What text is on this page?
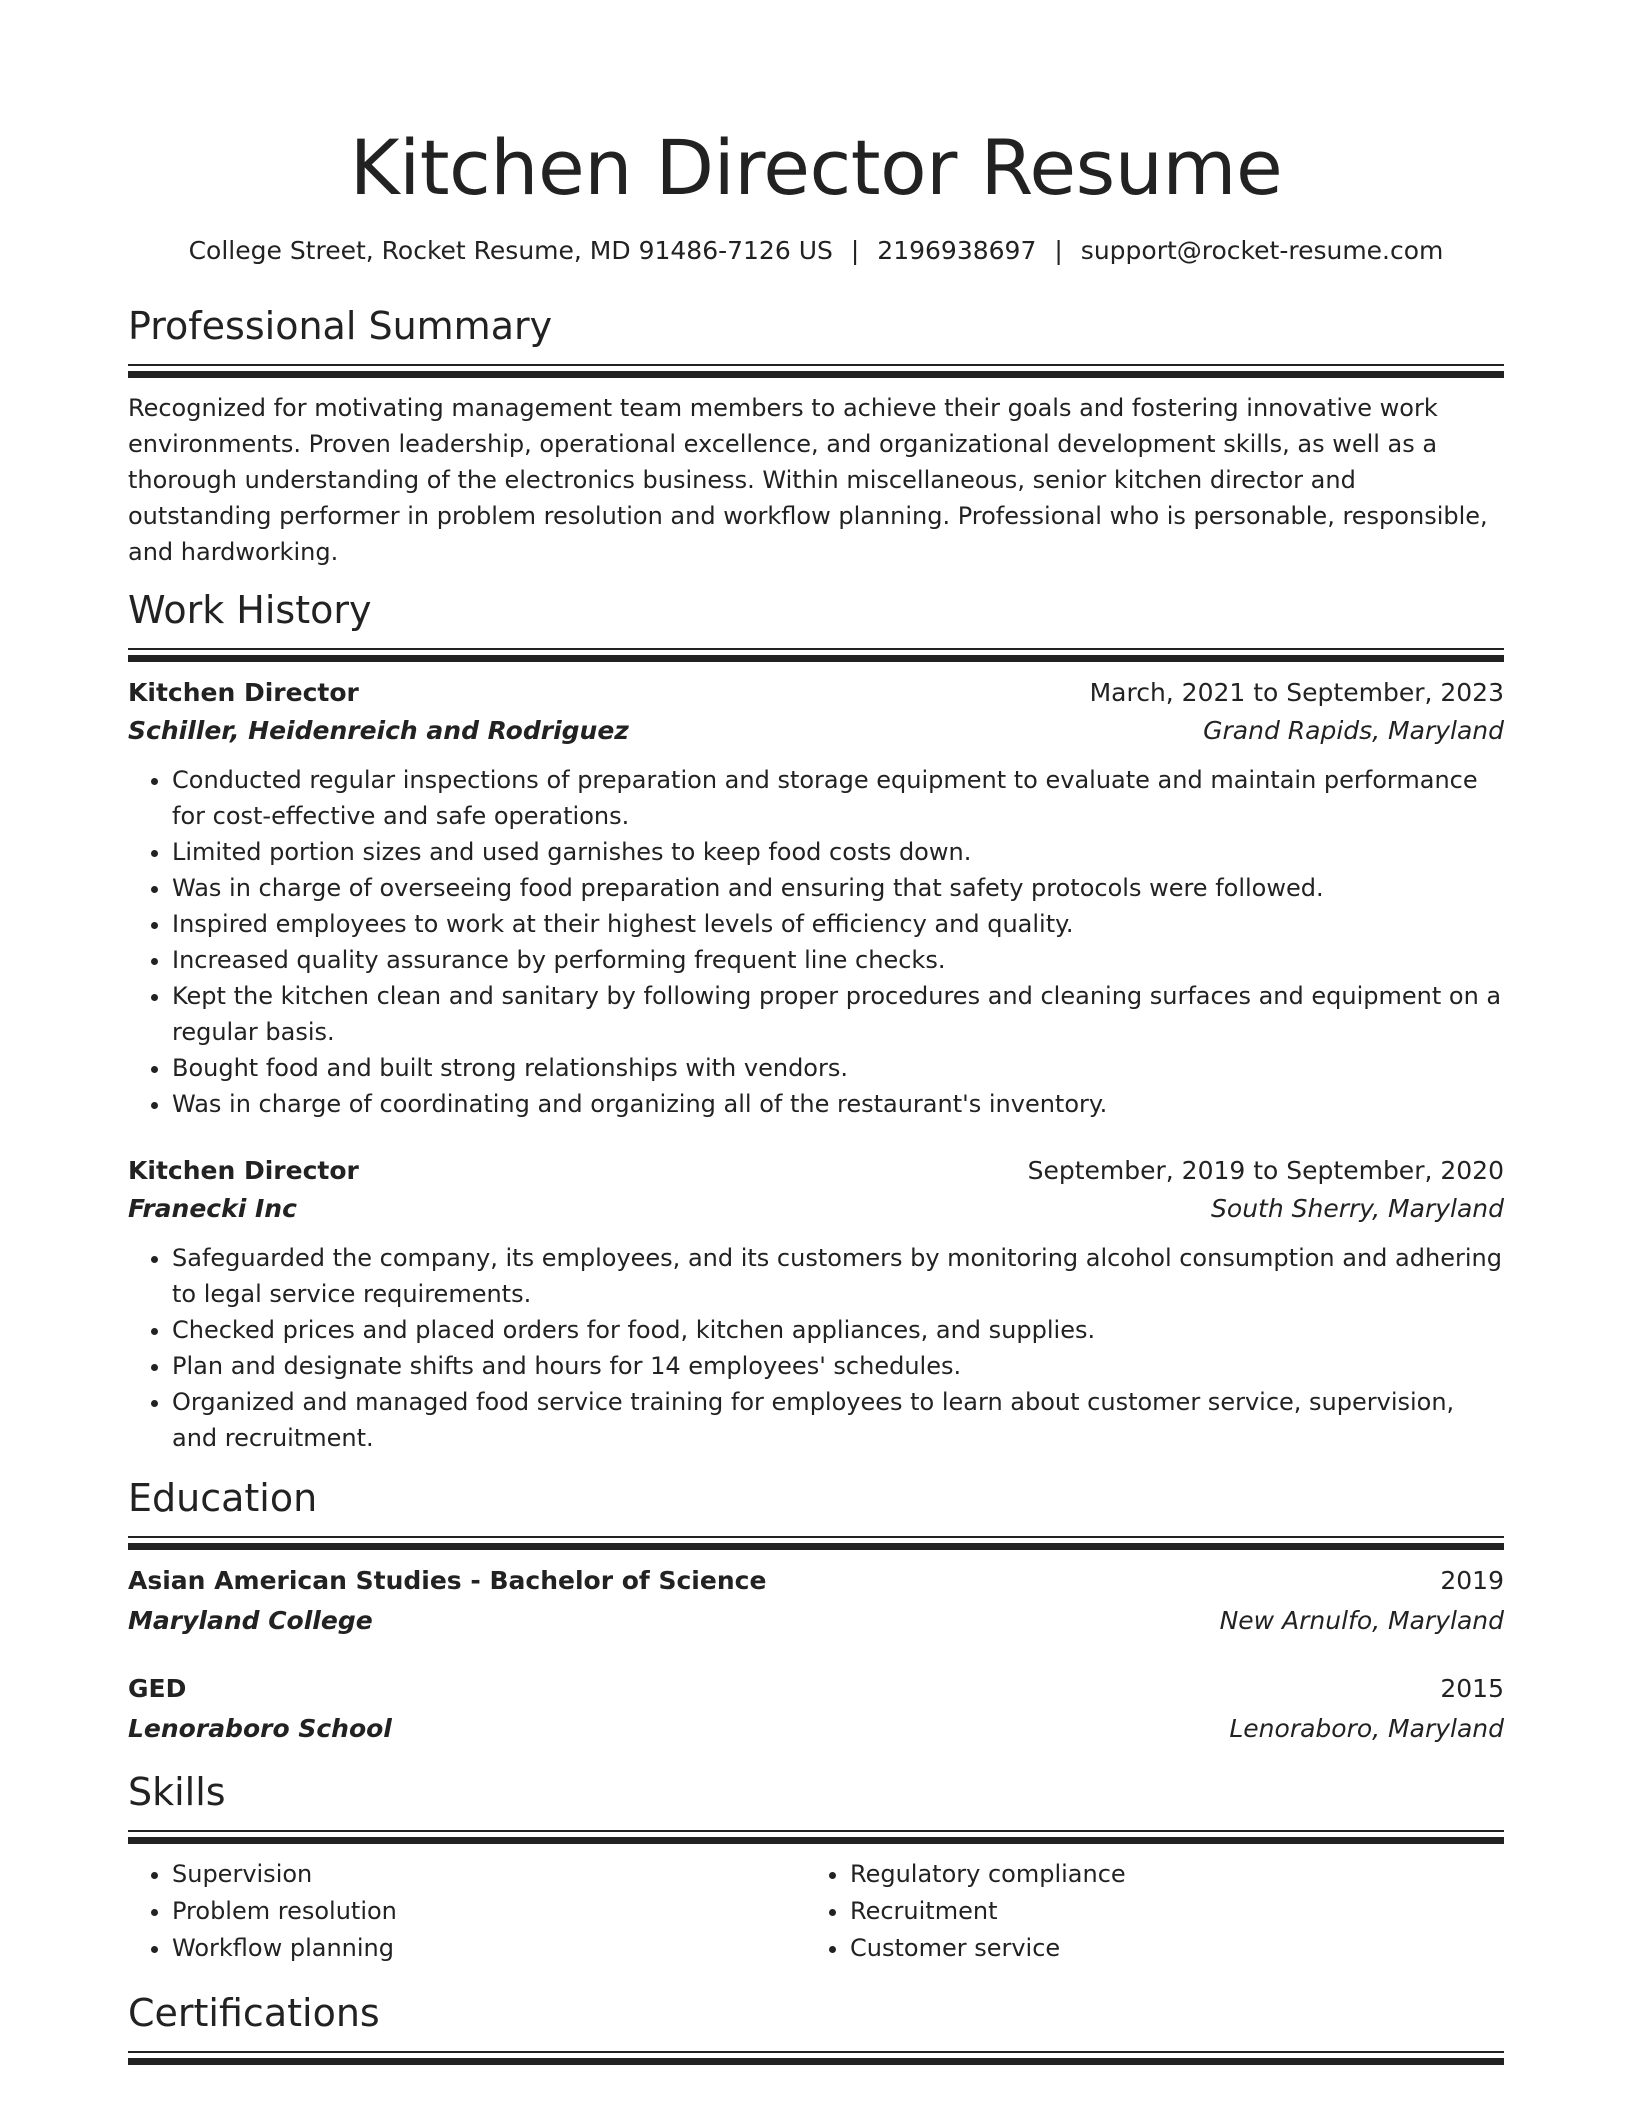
Kitchen Director Resume
College Street, Rocket Resume, MD 91486-7126 US | 2196938697 | support@rocket-resume.com
Professional Summary

Recognized for motivating management team members to achieve their goals and fostering innovative work environments. Proven leadership, operational excellence, and organizational development skills, as well as a thorough understanding of the electronics business. Within miscellaneous, senior kitchen director and outstanding performer in problem resolution and workflow planning. Professional who is personable, responsible, and hardworking.

Work History
Kitchen Director	March, 2021 to September, 2023
Schiller, Heidenreich and Rodriguez	Grand Rapids, Maryland
• Conducted regular inspections of preparation and storage equipment to evaluate and maintain performance for cost-effective and safe operations.
• Limited portion sizes and used garnishes to keep food costs down.
• Was in charge of overseeing food preparation and ensuring that safety protocols were followed.
• Inspired employees to work at their highest levels of efficiency and quality.
• Increased quality assurance by performing frequent line checks.
• Kept the kitchen clean and sanitary by following proper procedures and cleaning surfaces and equipment on a regular basis.
• Bought food and built strong relationships with vendors.
• Was in charge of coordinating and organizing all of the restaurant's inventory.
Kitchen Director	September, 2019 to September, 2020
Franecki Inc	South Sherry, Maryland
• Safeguarded the company, its employees, and its customers by monitoring alcohol consumption and adhering to legal service requirements.
• Checked prices and placed orders for food, kitchen appliances, and supplies.
• Plan and designate shifts and hours for 14 employees' schedules.
• Organized and managed food service training for employees to learn about customer service, supervision, and recruitment.
Education
Asian American Studies - Bachelor of Science	2019
Maryland College	New Arnulfo, Maryland
GED	2015
Lenoraboro School	Lenoraboro, Maryland
Skills
• Supervision
• Problem resolution
• Workflow planning
• Regulatory compliance
• Recruitment
• Customer service
Certifications
